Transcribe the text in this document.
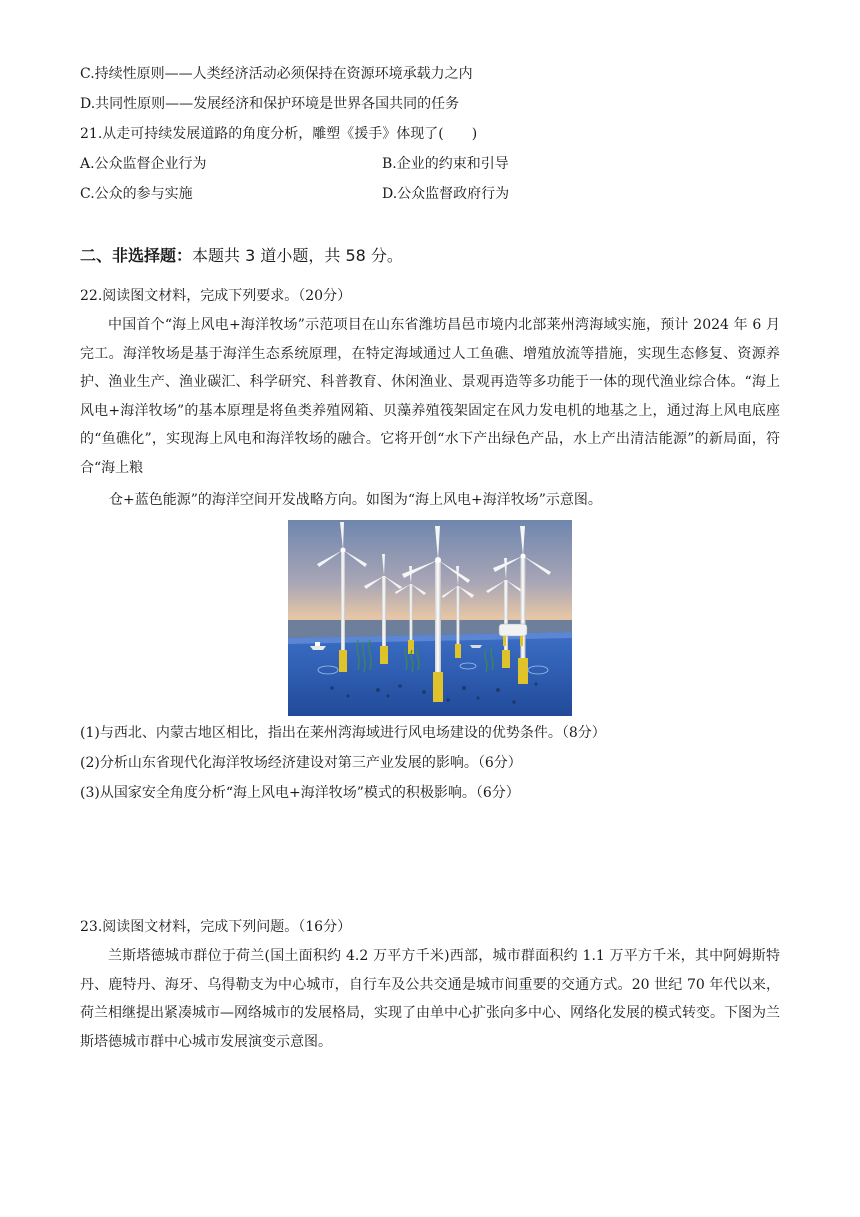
C.持续性原则——人类经济活动必须保持在资源环境承载力之内
D.共同性原则——发展经济和保护环境是世界各国共同的任务
21.从走可持续发展道路的角度分析，雕塑《援手》体现了(　　)
A.公众监督企业行为	B.企业的约束和引导
C.公众的参与实施	D.公众监督政府行为
二、非选择题：本题共 3 道小题，共 58 分。
22.阅读图文材料，完成下列要求。（20分）
中国首个“海上风电+海洋牧场”示范项目在山东省潍坊昌邑市境内北部莱州湾海域实施，预计 2024 年 6 月完工。海洋牧场是基于海洋生态系统原理，在特定海域通过人工鱼礁、增殖放流等措施，实现生态修复、资源养护、渔业生产、渔业碳汇、科学研究、科普教育、休闲渔业、景观再造等多功能于一体的现代渔业综合体。“海上风电+海洋牧场”的基本原理是将鱼类养殖网箱、贝藻养殖筏架固定在风力发电机的地基之上，通过海上风电底座的“鱼礁化”，实现海上风电和海洋牧场的融合。它将开创“水下产出绿色产品，水上产出清洁能源”的新局面，符合“海上粮
仓+蓝色能源”的海洋空间开发战略方向。如图为“海上风电+海洋牧场”示意图。
(1)与西北、内蒙古地区相比，指出在莱州湾海域进行风电场建设的优势条件。（8分）
(2)分析山东省现代化海洋牧场经济建设对第三产业发展的影响。（6分）
(3)从国家安全角度分析“海上风电+海洋牧场”模式的积极影响。（6分）
23.阅读图文材料，完成下列问题。（16分）
兰斯塔德城市群位于荷兰(国土面积约 4.2 万平方千米)西部，城市群面积约 1.1 万平方千米，其中阿姆斯特丹、鹿特丹、海牙、乌得勒支为中心城市，自行车及公共交通是城市间重要的交通方式。20 世纪 70 年代以来，荷兰相继提出紧凑城市—网络城市的发展格局，实现了由单中心扩张向多中心、网络化发展的模式转变。下图为兰斯塔德城市群中心城市发展演变示意图。
